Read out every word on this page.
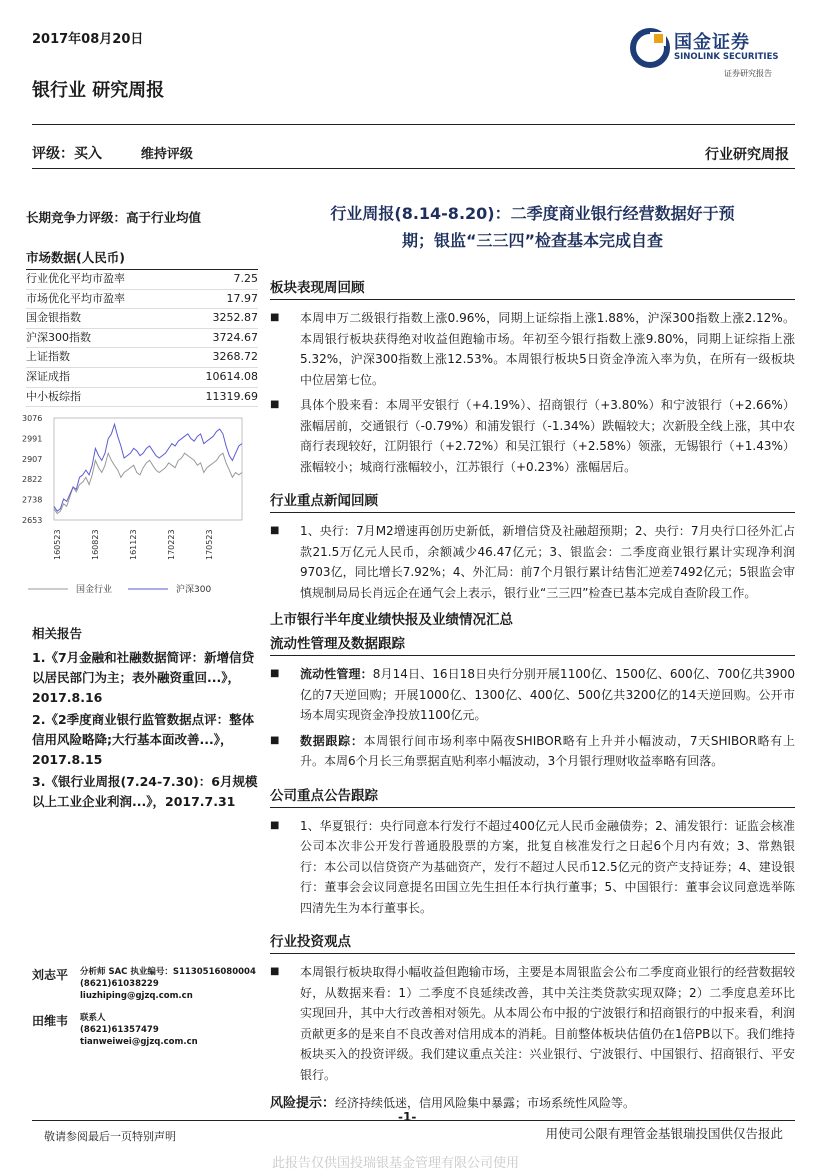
2017年08月20日	国金证券
SINOLINK SECURITIES
证券研究报告
银行业 研究周报
评级：买入	维持评级	行业研究周报
长期竞争力评级：高于行业均值
市场数据(人民币)
行业优化平均市盈率	7.25
市场优化平均市盈率	17.97
国金银指数	3252.87
沪深300指数	3724.67
上证指数	3268.72
深证成指	10614.08
中小板综指	11319.69
3076
2991
2907
2822
2738
2653
160523	160823	161123	170223	170523
国金行业	沪深300
相关报告
1.《7月金融和社融数据简评：新增信贷以居民部门为主；表外融资重回...》，2017.8.16
2.《2季度商业银行监管数据点评：整体信用风险略降;大行基本面改善...》，2017.8.15
3.《银行业周报(7.24-7.30)：6月规模以上工业企业利润...》，2017.7.31
刘志平 分析师 SAC 执业编号：S1130516080004
(8621)61038229
liuzhiping@gjzq.com.cn
田维韦 联系人
(8621)61357479
tianweiwei@gjzq.com.cn
行业周报(8.14-8.20)：二季度商业银行经营数据好于预
期；银监“三三四”检查基本完成自查
板块表现周回顾
■ 本周申万二级银行指数上涨0.96%，同期上证综指上涨1.88%，沪深300指数上涨2.12%。本周银行板块获得绝对收益但跑输市场。年初至今银行指数上涨9.80%，同期上证综指上涨5.32%，沪深300指数上涨12.53%。本周银行板块5日资金净流入率为负，在所有一级板块中位居第七位。
■ 具体个股来看：本周平安银行（+4.19%）、招商银行（+3.80%）和宁波银行（+2.66%）涨幅居前，交通银行（-0.79%）和浦发银行（-1.34%）跌幅较大；次新股全线上涨，其中农商行表现较好，江阴银行（+2.72%）和吴江银行（+2.58%）领涨，无锡银行（+1.43%）涨幅较小；城商行涨幅较小，江苏银行（+0.23%）涨幅居后。
行业重点新闻回顾
■ 1、央行：7月M2增速再创历史新低，新增信贷及社融超预期；2、央行：7月央行口径外汇占款21.5万亿元人民币，余额减少46.47亿元；3、银监会：二季度商业银行累计实现净利润9703亿，同比增长7.92%；4、外汇局：前7个月银行累计结售汇逆差7492亿元；5银监会审慎规制局局长肖远企在通气会上表示，银行业“三三四”检查已基本完成自查阶段工作。
上市银行半年度业绩快报及业绩情况汇总
流动性管理及数据跟踪
■ 流动性管理：8月14日、16日18日央行分别开展1100亿、1500亿、600亿、700亿共3900亿的7天逆回购；开展1000亿、1300亿、400亿、500亿共3200亿的14天逆回购。公开市场本周实现资金净投放1100亿元。
■ 数据跟踪：本周银行间市场利率中隔夜SHIBOR略有上升并小幅波动，7天SHIBOR略有上升。本周6个月长三角票据直贴利率小幅波动，3个月银行理财收益率略有回落。
公司重点公告跟踪
■ 1、华夏银行：央行同意本行发行不超过400亿元人民币金融债券；2、浦发银行：证监会核准公司本次非公开发行普通股股票的方案，批复自核准发行之日起6个月内有效；3、常熟银行：本公司以信贷资产为基础资产，发行不超过人民币12.5亿元的资产支持证券；4、建设银行：董事会会议同意提名田国立先生担任本行执行董事；5、中国银行：董事会议同意选举陈四清先生为本行董事长。
行业投资观点
■ 本周银行板块取得小幅收益但跑输市场，主要是本周银监会公布二季度商业银行的经营数据较好，从数据来看：1）二季度不良延续改善，其中关注类贷款实现双降；2）二季度息差环比实现回升，其中大行改善相对领先。从本周公布中报的宁波银行和招商银行的中报来看，利润贡献更多的是来自不良改善对信用成本的消耗。目前整体板块估值仍在1倍PB以下。我们维持板块买入的投资评级。我们建议重点关注：兴业银行、宁波银行、中国银行、招商银行、平安银行。
风险提示：经济持续低迷，信用风险集中暴露；市场系统性风险等。
-1-
敬请参阅最后一页特别声明	用使司公限有理管金基银瑞投国供仅告报此
此报告仅供国投瑞银基金管理有限公司使用
